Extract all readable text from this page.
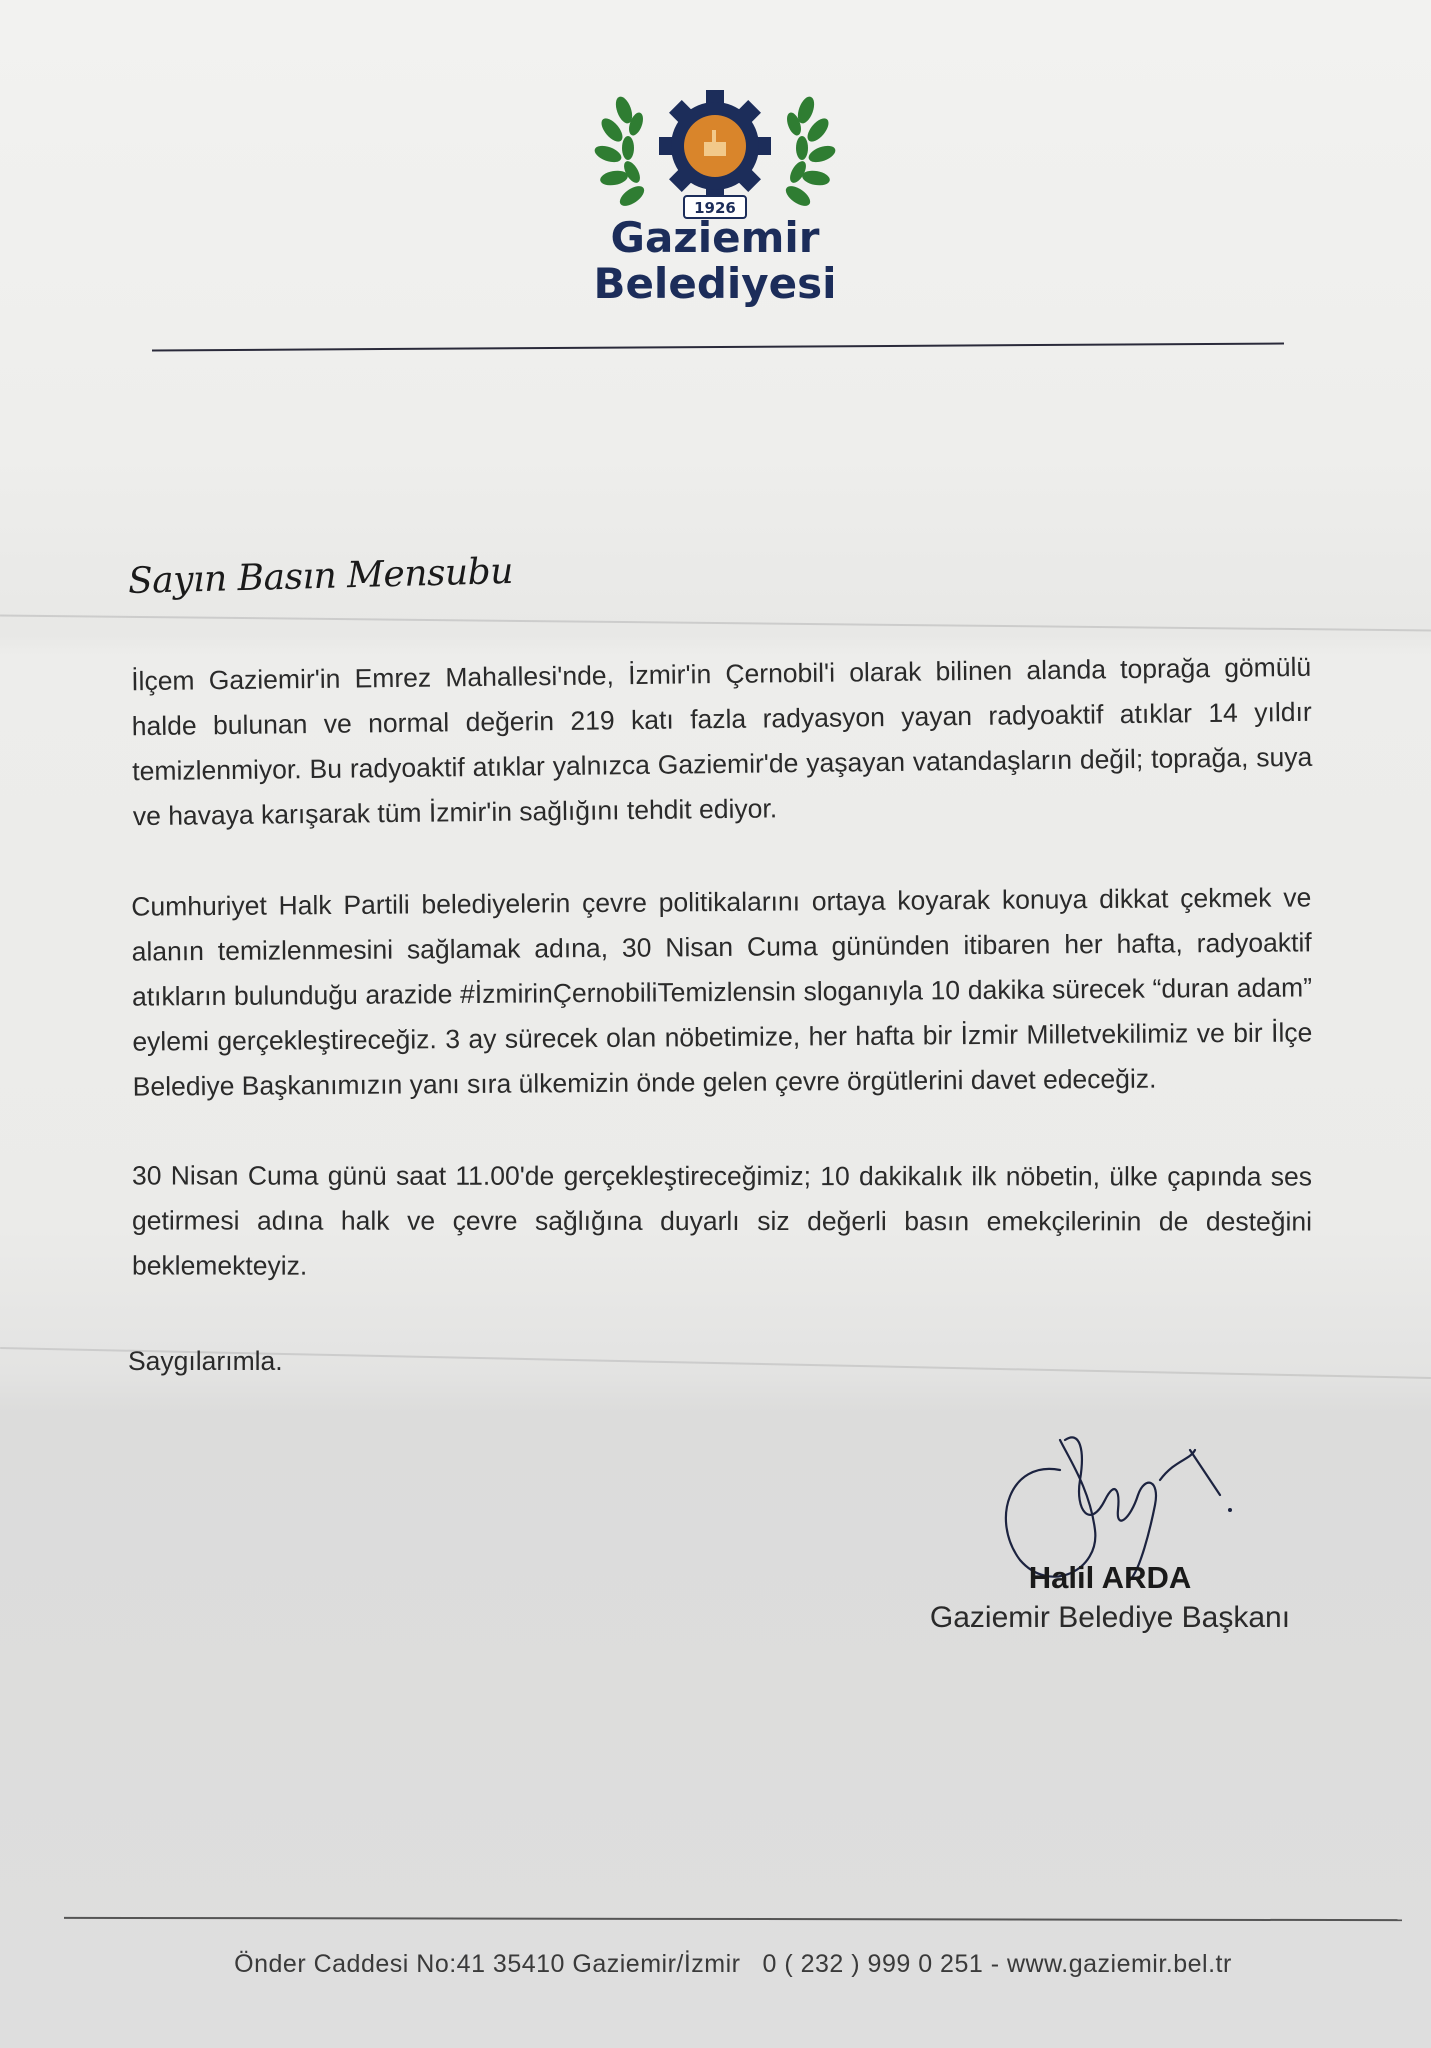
1926
Gaziemir
Belediyesi
Sayın Basın Mensubu

İlçem Gaziemir'in Emrez Mahallesi'nde, İzmir'in Çernobil'i olarak bilinen alanda toprağa gömülü halde bulunan ve normal değerin 219 katı fazla radyasyon yayan radyoaktif atıklar 14 yıldır temizlenmiyor. Bu radyoaktif atıklar yalnızca Gaziemir'de yaşayan vatandaşların değil; toprağa, suya ve havaya karışarak tüm İzmir'in sağlığını tehdit ediyor.

Cumhuriyet Halk Partili belediyelerin çevre politikalarını ortaya koyarak konuya dikkat çekmek ve alanın temizlenmesini sağlamak adına, 30 Nisan Cuma gününden itibaren her hafta, radyoaktif atıkların bulunduğu arazide #İzmirinÇernobiliTemizlensin sloganıyla 10 dakika sürecek “duran adam” eylemi gerçekleştireceğiz. 3 ay sürecek olan nöbetimize, her hafta bir İzmir Milletvekilimiz ve bir İlçe Belediye Başkanımızın yanı sıra ülkemizin önde gelen çevre örgütlerini davet edeceğiz.

30 Nisan Cuma günü saat 11.00'de gerçekleştireceğimiz; 10 dakikalık ilk nöbetin, ülke çapında ses getirmesi adına halk ve çevre sağlığına duyarlı siz değerli basın emekçilerinin de desteğini beklemekteyiz.

Saygılarımla.
Halil ARDA
Gaziemir Belediye Başkanı
Önder Caddesi No:41 35410 Gaziemir/İzmir 0 ( 232 ) 999 0 251 - www.gaziemir.bel.tr
